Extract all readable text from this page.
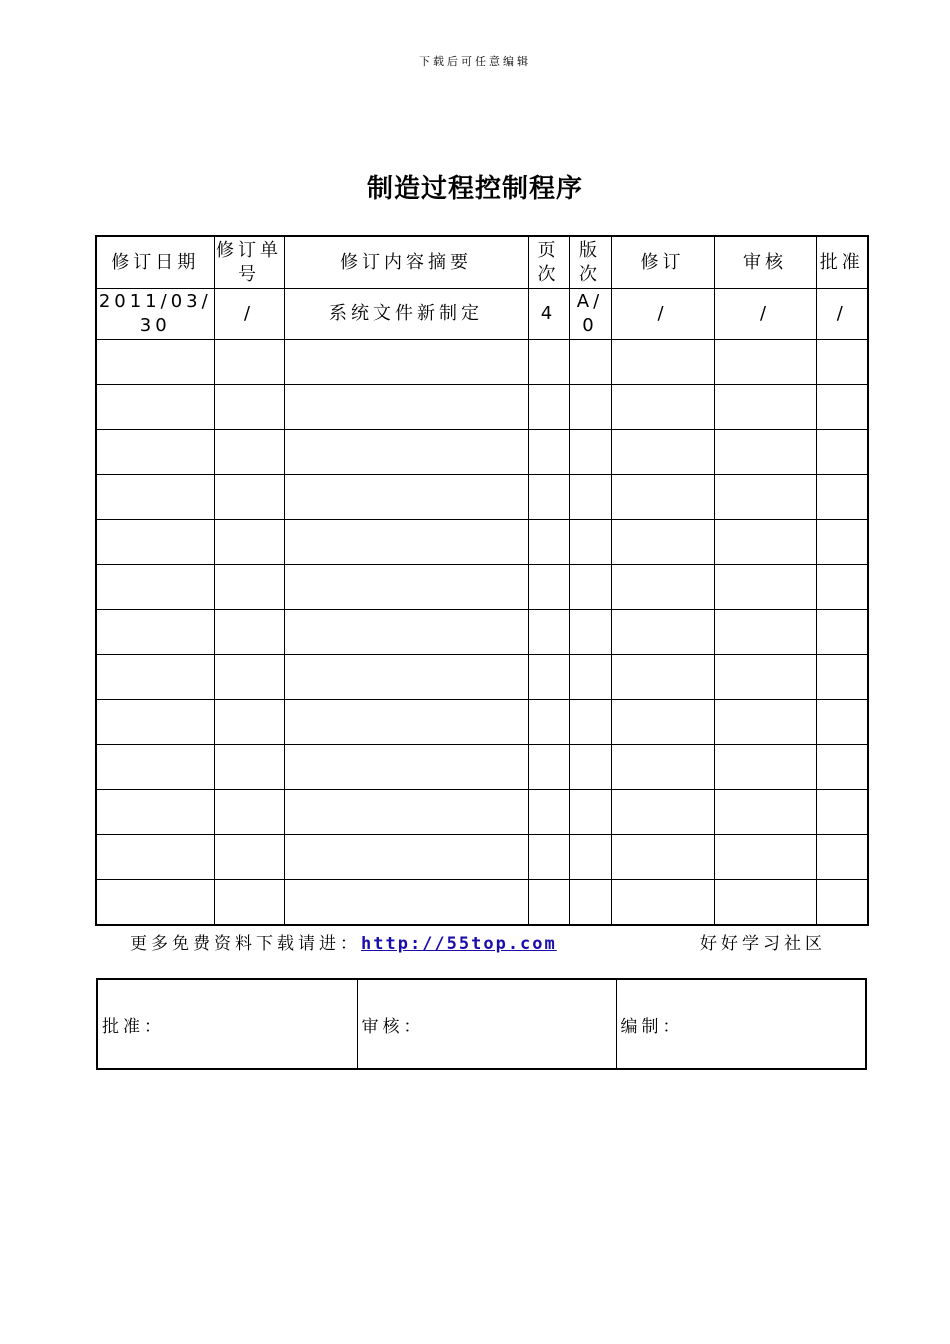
下载后可任意编辑
制造过程控制程序
修订日期	修订单号	修订内容摘要	页次	版次	修订	审核	批准
2011/03/30	/	系统文件新制定	4	A/0	/	/	/

更多免费资料下载请进：http://55top.com	好好学习社区
批准：	审核：	编制：
